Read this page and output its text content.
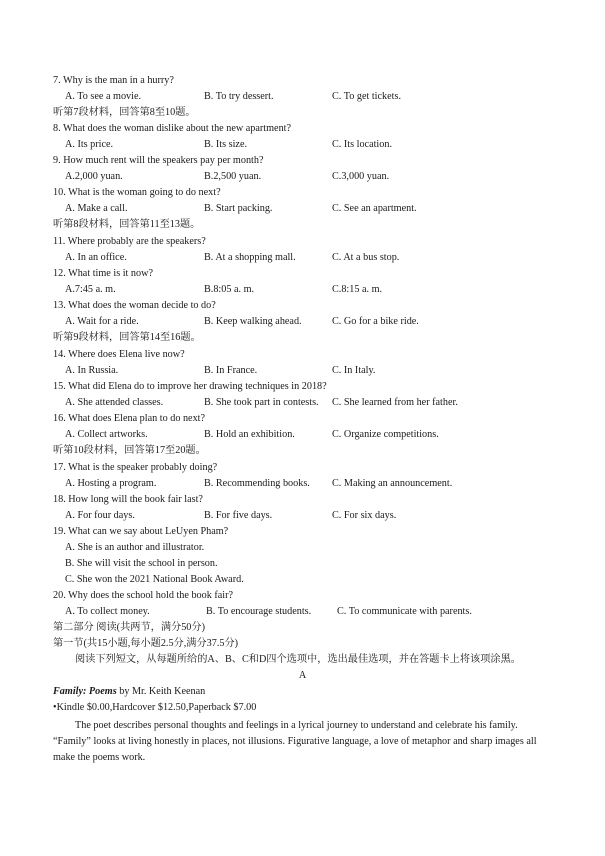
7. Why is the man in a hurry?
A. To see a movie.	B. To try dessert.	C. To get tickets.
听第7段材料，回答第8至10题。
8. What does the woman dislike about the new apartment?
A. Its price.	B. Its size.	C. Its location.
9. How much rent will the speakers pay per month?
A.2,000 yuan.	B.2,500 yuan.	C.3,000 yuan.
10. What is the woman going to do next?
A. Make a call.	B. Start packing.	C. See an apartment.
听第8段材料，回答第11至13题。
11. Where probably are the speakers?
A. In an office.	B. At a shopping mall.	C. At a bus stop.
12. What time is it now?
A.7:45 a. m.	B.8:05 a. m.	C.8:15 a. m.
13. What does the woman decide to do?
A. Wait for a ride.	B. Keep walking ahead.	C. Go for a bike ride.
听第9段材料，回答第14至16题。
14. Where does Elena live now?
A. In Russia.	B. In France.	C. In Italy.
15. What did Elena do to improve her drawing techniques in 2018?
A. She attended classes.	B. She took part in contests. C. She learned from her father.
16. What does Elena plan to do next?
A. Collect artworks.	B. Hold an exhibition.	C. Organize competitions.
听第10段材料，回答第17至20题。
17. What is the speaker probably doing?
A. Hosting a program.	B. Recommending books. C. Making an announcement.
18. How long will the book fair last?
A. For four days.	B. For five days.	C. For six days.
19. What can we say about LeUyen Pham?
A. She is an author and illustrator.
B. She will visit the school in person.
C. She won the 2021 National Book Award.
20. Why does the school hold the book fair?
A. To collect money.	B. To encourage students.	C. To communicate with parents.
第二部分 阅读(共两节，满分50分)
第一节(共15小题,每小题2.5分,满分37.5分)
阅读下列短文，从每题所给的A、B、C和D四个选项中，选出最佳选项，并在答题卡上将该项涂黑。
A
Family: Poems by Mr. Keith Keenan
•Kindle $0.00,Hardcover $12.50,Paperback $7.00
The poet describes personal thoughts and feelings in a lyrical journey to understand and celebrate his family. “Family” looks at living honestly in places, not illusions. Figurative language, a love of metaphor and sharp images all make the poems work.
